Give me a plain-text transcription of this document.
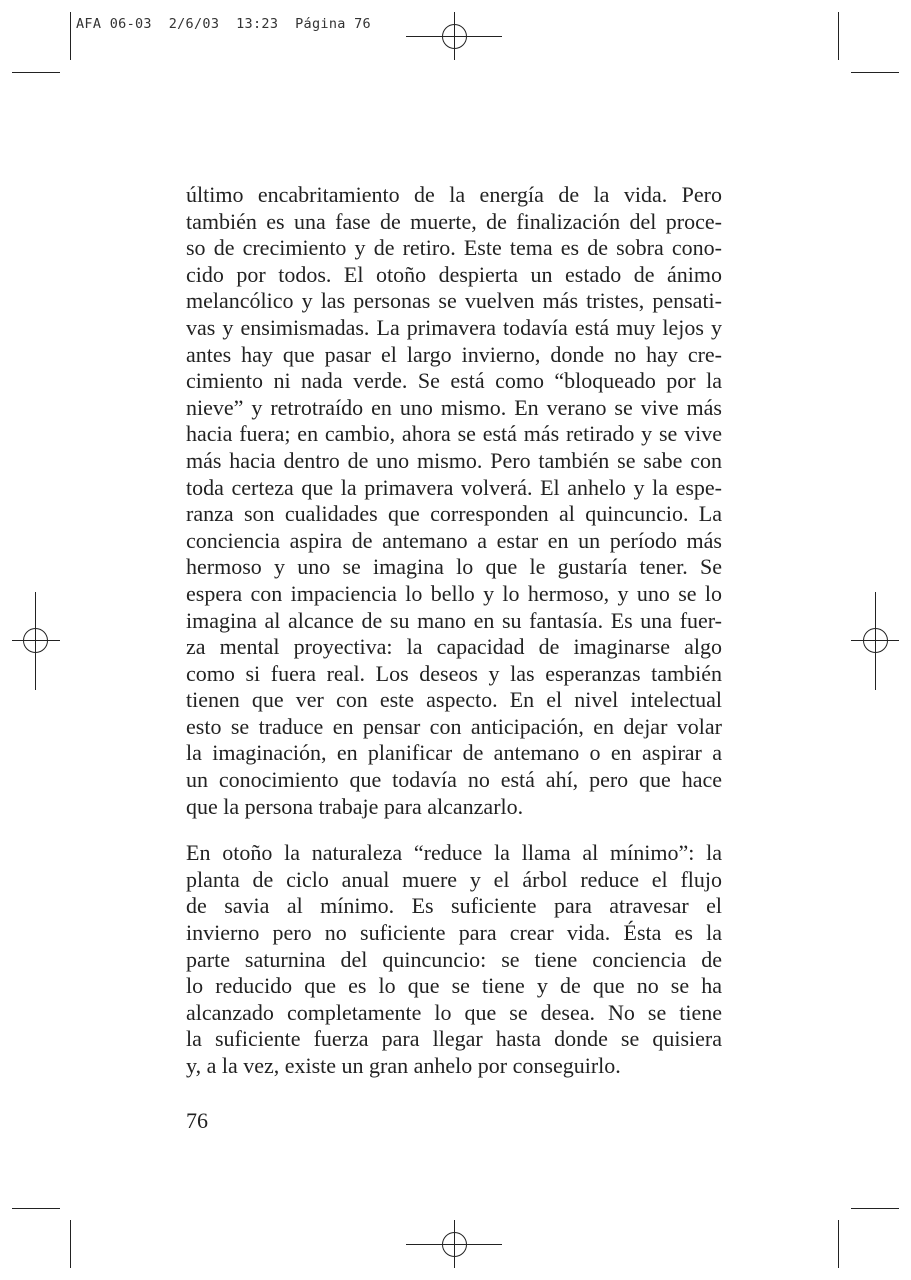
AFA 06-03  2/6/03  13:23  Página 76
último encabritamiento de la energía de la vida. Pero
también es una fase de muerte, de finalización del proce-
so de crecimiento y de retiro. Este tema es de sobra cono-
cido por todos. El otoño despierta un estado de ánimo
melancólico y las personas se vuelven más tristes, pensati-
vas y ensimismadas. La primavera todavía está muy lejos y
antes hay que pasar el largo invierno, donde no hay cre-
cimiento ni nada verde. Se está como “bloqueado por la
nieve” y retrotraído en uno mismo. En verano se vive más
hacia fuera; en cambio, ahora se está más retirado y se vive
más hacia dentro de uno mismo. Pero también se sabe con
toda certeza que la primavera volverá. El anhelo y la espe-
ranza son cualidades que corresponden al quincuncio. La
conciencia aspira de antemano a estar en un período más
hermoso y uno se imagina lo que le gustaría tener. Se
espera con impaciencia lo bello y lo hermoso, y uno se lo
imagina al alcance de su mano en su fantasía. Es una fuer-
za mental proyectiva: la capacidad de imaginarse algo
como si fuera real. Los deseos y las esperanzas también
tienen que ver con este aspecto. En el nivel intelectual
esto se traduce en pensar con anticipación, en dejar volar
la imaginación, en planificar de antemano o en aspirar a
un conocimiento que todavía no está ahí, pero que hace
que la persona trabaje para alcanzarlo.
En otoño la naturaleza “reduce la llama al mínimo”: la
planta de ciclo anual muere y el árbol reduce el flujo
de savia al mínimo. Es suficiente para atravesar el
invierno pero no suficiente para crear vida. Ésta es la
parte saturnina del quincuncio: se tiene conciencia de
lo reducido que es lo que se tiene y de que no se ha
alcanzado completamente lo que se desea. No se tiene
la suficiente fuerza para llegar hasta donde se quisiera
y, a la vez, existe un gran anhelo por conseguirlo.
76
